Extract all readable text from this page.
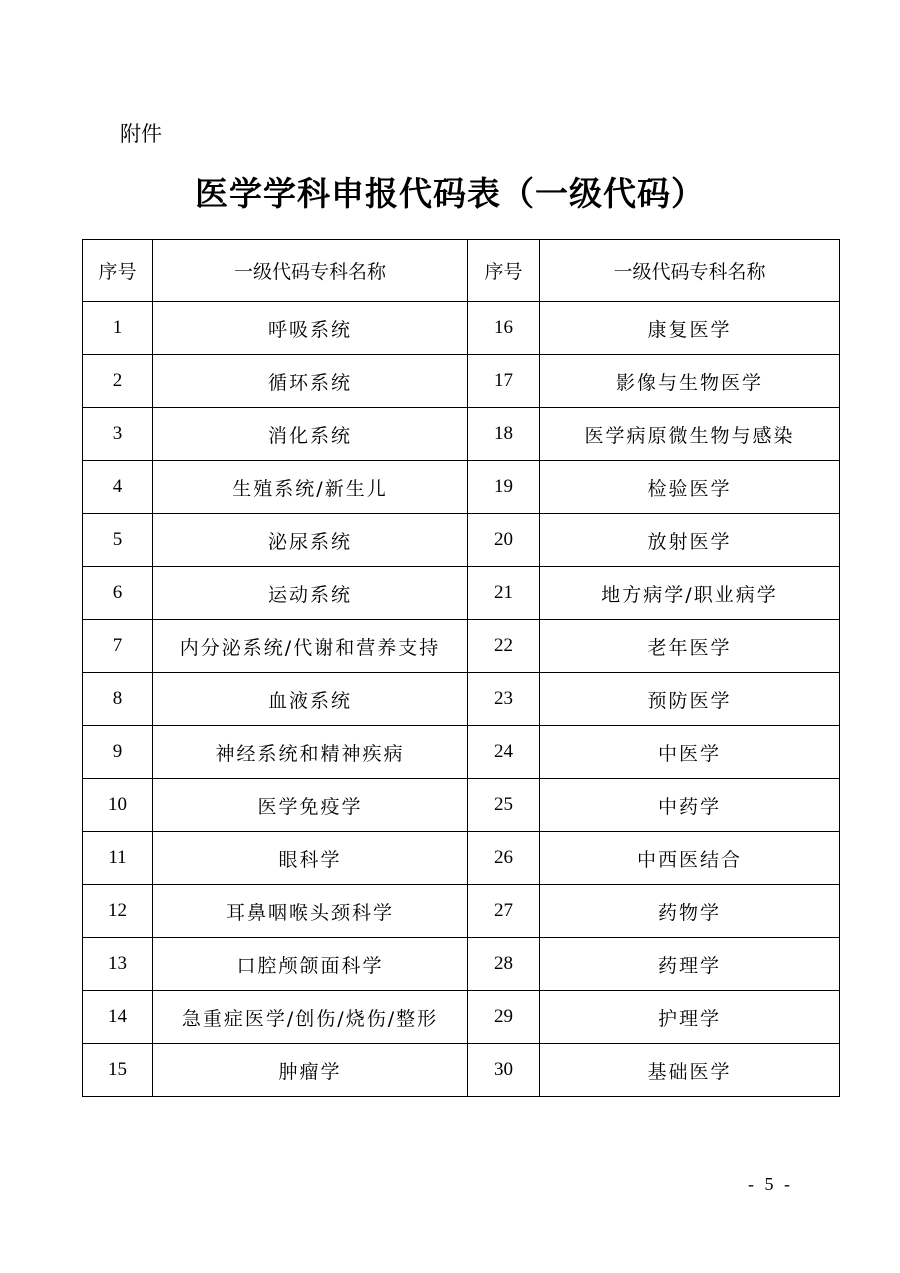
附件
医学学科申报代码表（一级代码）
序号	一级代码专科名称	序号	一级代码专科名称
1	呼吸系统	16	康复医学
2	循环系统	17	影像与生物医学
3	消化系统	18	医学病原微生物与感染
4	生殖系统/新生儿	19	检验医学
5	泌尿系统	20	放射医学
6	运动系统	21	地方病学/职业病学
7	内分泌系统/代谢和营养支持	22	老年医学
8	血液系统	23	预防医学
9	神经系统和精神疾病	24	中医学
10	医学免疫学	25	中药学
11	眼科学	26	中西医结合
12	耳鼻咽喉头颈科学	27	药物学
13	口腔颅颌面科学	28	药理学
14	急重症医学/创伤/烧伤/整形	29	护理学
15	肿瘤学	30	基础医学
- 5 -
